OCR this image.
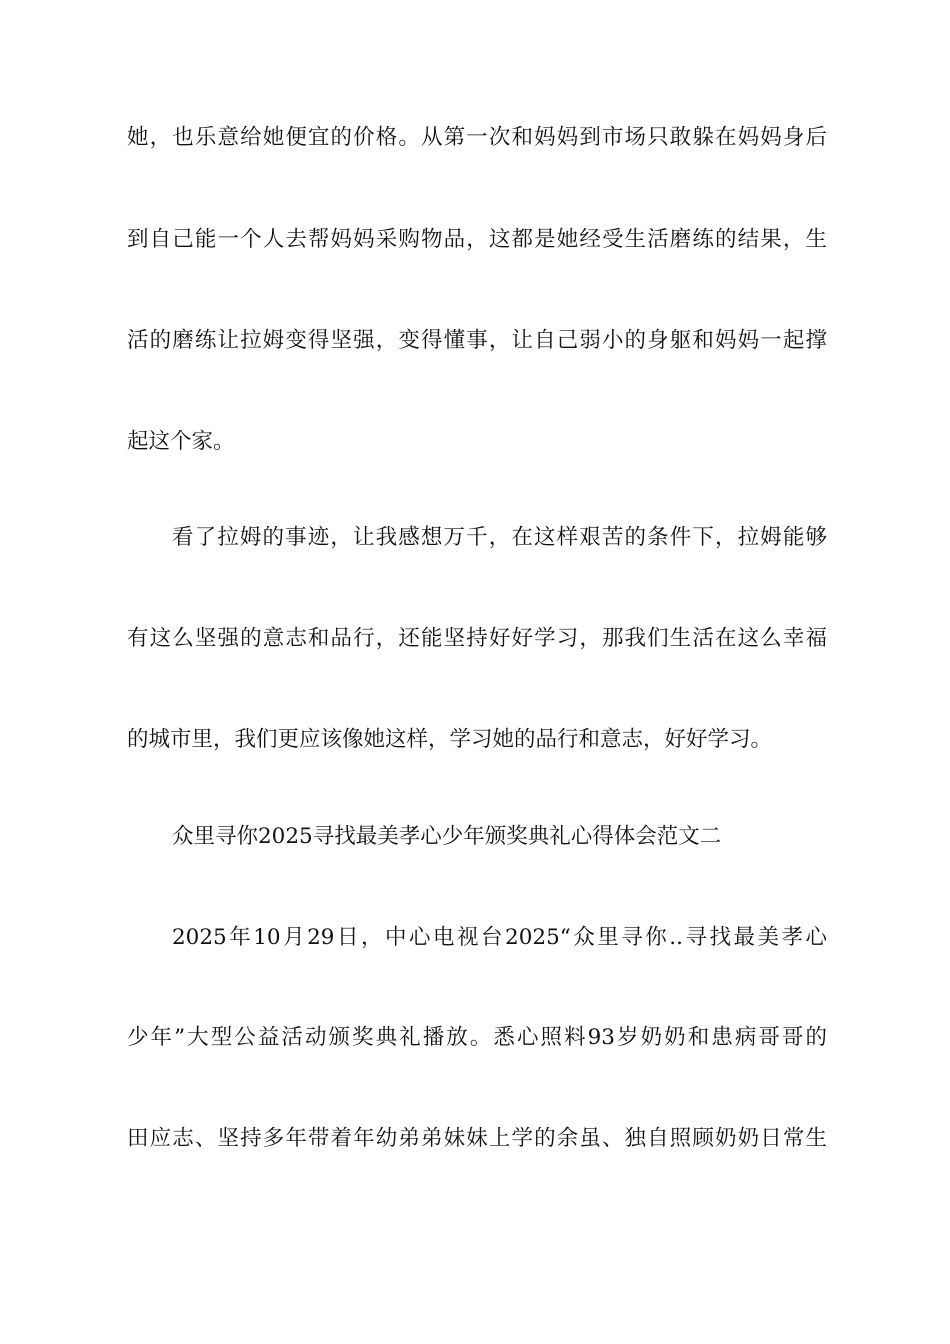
她，也乐意给她便宜的价格。从第一次和妈妈到市场只敢躲在妈妈身后
到自己能一个人去帮妈妈采购物品，这都是她经受生活磨练的结果，生
活的磨练让拉姆变得坚强，变得懂事，让自己弱小的身躯和妈妈一起撑
起这个家。
看了拉姆的事迹，让我感想万千，在这样艰苦的条件下，拉姆能够
有这么坚强的意志和品行，还能坚持好好学习，那我们生活在这么幸福
的城市里，我们更应该像她这样，学习她的品行和意志，好好学习。
众里寻你2025寻找最美孝心少年颁奖典礼心得体会范文二
2025年10月29日，中心电视台2025“众里寻你..寻找最美孝心
少年”大型公益活动颁奖典礼播放。悉心照料93岁奶奶和患病哥哥的
田应志、坚持多年带着年幼弟弟妹妹上学的余虽、独自照顾奶奶日常生
